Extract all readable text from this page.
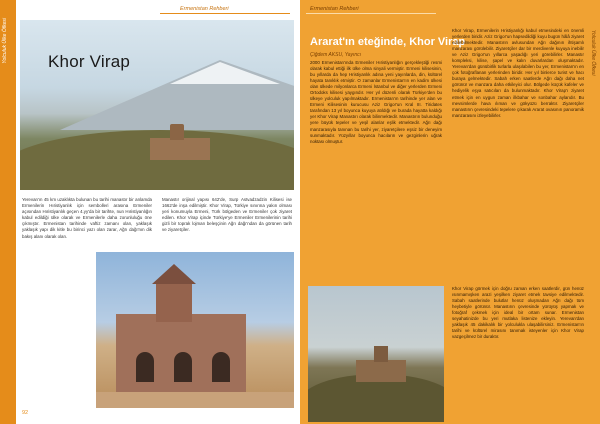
Yolculuk Ülke Öfkesi
Ermenistan Rehberi
Khor Virap
Yerevan'ın 45 km uzaklıkta bulunan bu tarihi manastır bir anlamda Ermenilerin Hıristiyanlık için sembolleri arasına Ermeniler açısından Hıristiyanlık geçen 4.yy'da bir tarihte, nun Hıristiyanlığın kabul edildiği ülke olarak ve Ermenilerle daha zorunluluğu öne çıkmıştır. Ermenistan tarihinde vaftiz zamanı olan, yaklaşık yaklaşık yapı dik kitle bu birinci yazı olan zarar, Ağrı dağı'nın dik bakış alanı olarak olan.
Manastır orijinal yapısı 642'de, Surp Astvadzadzin Kilisesi ise 1662'de inşa edilmiştir. Khor Virap, Türkiye sınırına yakın olması yeri konumuyla Ermeni, Türk bölgeden ve Ermeniler çok ziyaret edilen. Khor Virap içinde Türkiye'ye Ermeniler Ermenilerinin tarihi gizli bir toprak lojman beleşçinin Ağrı dağı'ndan da görünen tarih ve ziyaretçiler.
92
Ermenistan Rehberi
Yolculuk Ülke Öfkesi
Ararat'ın eteğinde, Khor Virap
Çiğdem AKSU, Yayıncı
2000 Ermenistan'ında Ermeniler Hıristiyanlığın gerçekleştiği resmi olarak kabul ettiği ilk ülke olma sinyali vermiştir. Ermeni kilisesinin, bu yıllarda da hep Hristiyanlık adına yeni yayınlarda, din, kültürel hayata tanıklık etmiştir. O zamanlar Ermenistan'ın en kadim ülkesi olan ülkede milyonlarca Ermeni İstanbul ve diğer yerlerden Ermeni Ortodoks kilisesi yaygındır. Her yıl düzenli olarak Türkiye'den bu ülkeye yolculuk yapılmaktadır. Ermenistan'ın tarihinde yer alan ve Ermeni Kilisesinin kurucusu Aziz Grigor'un Kral III. Tiridates tarafından 13 yıl boyunca kuyuya atıldığı ve burada hayatta kaldığı yer Khor Virap Manastırı olarak bilinmektedir. Manastırın bulunduğu yere büyük tepeler ve yeşil alanlar eşlik etmektedir. Ağrı dağı manzarasıyla tanınan bu tarihi yer, ziyaretçilere eşsiz bir deneyim sunmaktadır. Yüzyıllar boyunca hacıların ve gezginlerin uğrak noktası olmuştur.
Khor Virap, Ermenilerin Hristiyanlığı kabul etmesindeki en önemli yerlerden biridir. Aziz Grigor'un hapsedildiği kuyu bugün hâlâ ziyaret edilebilmektedir. Manastırın avlusundan Ağrı dağının ihtişamlı manzarası görülebilir. Ziyaretçiler dar bir merdivenle kuyuya inebilir ve Aziz Grigor'un yıllarca yaşadığı yeri görebilirler. Manastır kompleksi, kilise, şapel ve kalın duvarlardan oluşmaktadır. Yerevan'dan günübirlik turlarla ulaşılabilen bu yer, Ermenistan'ın en çok fotoğraflanan yerlerinden biridir. Her yıl binlerce turist ve hacı buraya gelmektedir. Sabah erken saatlerde Ağrı dağı daha net görünür ve manzara daha etkileyici olur. Bölgede küçük kafeler ve hediyelik eşya satıcıları da bulunmaktadır. Khor Virap'ı ziyaret etmek için en uygun zaman ilkbahar ve sonbahar aylarıdır. Bu mevsimlerde hava ılıman ve gökyüzü berraktır. Ziyaretçiler manastırın çevresindeki tepelere çıkarak Ararat ovasının panoramik manzarasını izleyebilirler.
Khor Virap görmek için doğru zaman erken saatlerdir, gün henüz ısınmamışken arazi yeşilken ziyaret etmek tavsiye edilmektedir. Sabah saatlerinde bulutlar henüz oluşmadan Ağrı dağı tüm heybetiyle görünür. Manastırın çevresinde yürüyüş yapmak ve fotoğraf çekmek için ideal bir ortam sunar. Ermenistan seyahatinizde bu yeri mutlaka listenize ekleyin. Yerevan'dan yaklaşık 45 dakikalık bir yolculukla ulaşabilirsiniz. Ermenistan'ın tarihi ve kültürel mirasını tanımak isteyenler için Khor Virap vazgeçilmez bir duraktır.
